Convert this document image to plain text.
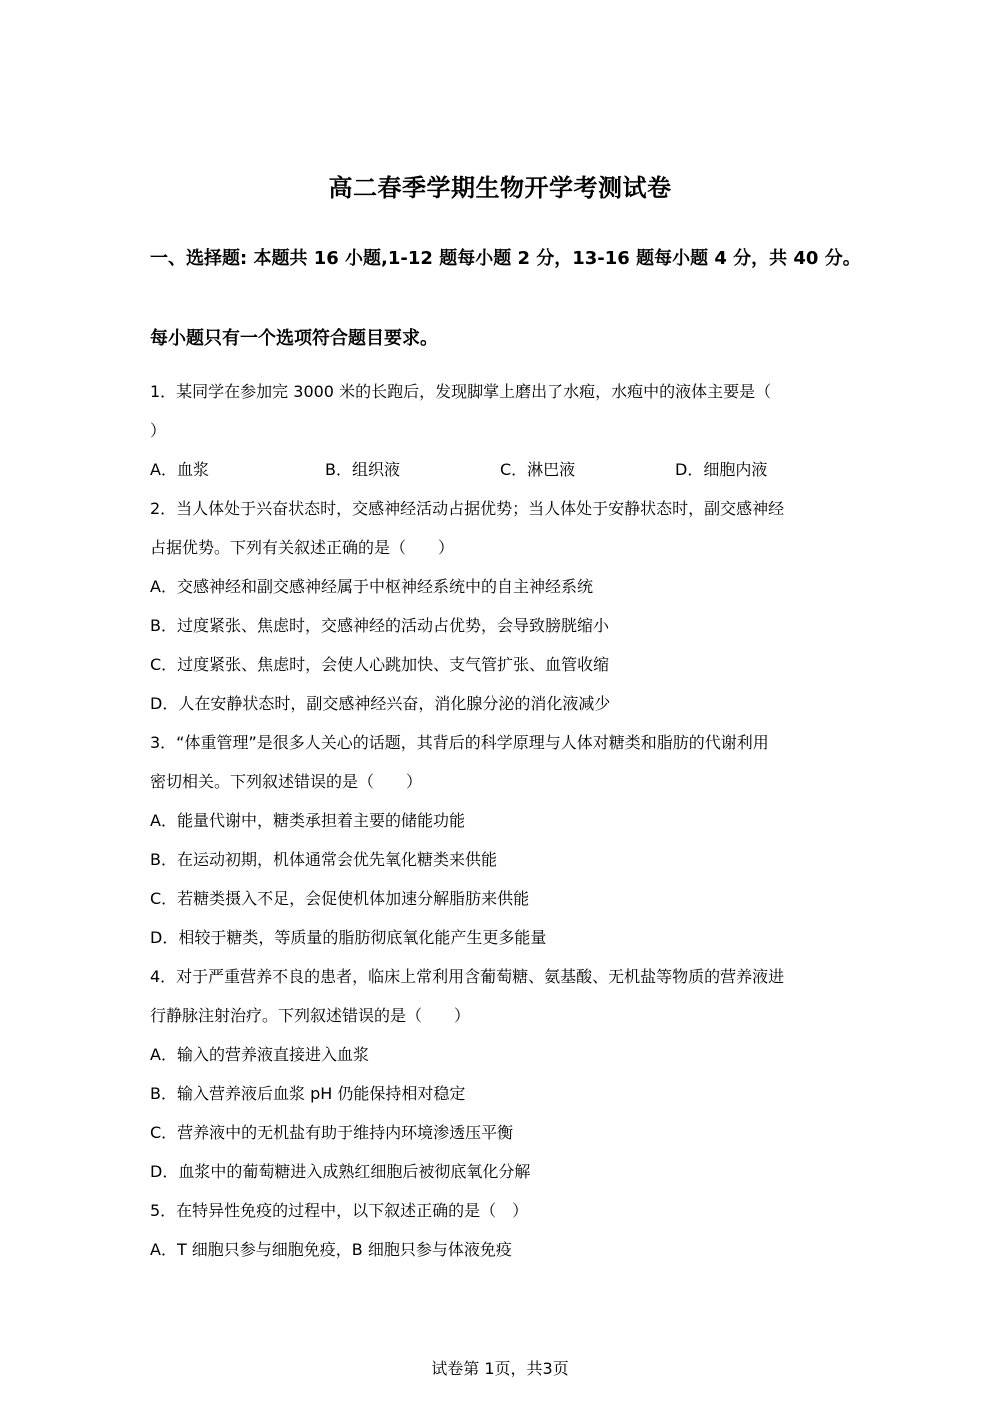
高二春季学期生物开学考测试卷
一、选择题: 本题共 16 小题,1-12 题每小题 2 分，13-16 题每小题 4 分，共 40 分。
每小题只有一个选项符合题目要求。
1．某同学在参加完 3000 米的长跑后，发现脚掌上磨出了水疱，水疱中的液体主要是（
）
A．血浆	B．组织液	C．淋巴液	D．细胞内液
2．当人体处于兴奋状态时，交感神经活动占据优势；当人体处于安静状态时，副交感神经
占据优势。下列有关叙述正确的是（　　）
A．交感神经和副交感神经属于中枢神经系统中的自主神经系统
B．过度紧张、焦虑时，交感神经的活动占优势，会导致膀胱缩小
C．过度紧张、焦虑时，会使人心跳加快、支气管扩张、血管收缩
D．人在安静状态时，副交感神经兴奋，消化腺分泌的消化液减少
3．“体重管理”是很多人关心的话题，其背后的科学原理与人体对糖类和脂肪的代谢利用
密切相关。下列叙述错误的是（　　）
A．能量代谢中，糖类承担着主要的储能功能
B．在运动初期，机体通常会优先氧化糖类来供能
C．若糖类摄入不足，会促使机体加速分解脂肪来供能
D．相较于糖类，等质量的脂肪彻底氧化能产生更多能量
4．对于严重营养不良的患者，临床上常利用含葡萄糖、氨基酸、无机盐等物质的营养液进
行静脉注射治疗。下列叙述错误的是（　　）
A．输入的营养液直接进入血浆
B．输入营养液后血浆 pH 仍能保持相对稳定
C．营养液中的无机盐有助于维持内环境渗透压平衡
D．血浆中的葡萄糖进入成熟红细胞后被彻底氧化分解
5．在特异性免疫的过程中，以下叙述正确的是（　）
A．T 细胞只参与细胞免疫，B 细胞只参与体液免疫
试卷第 1页，共3页
